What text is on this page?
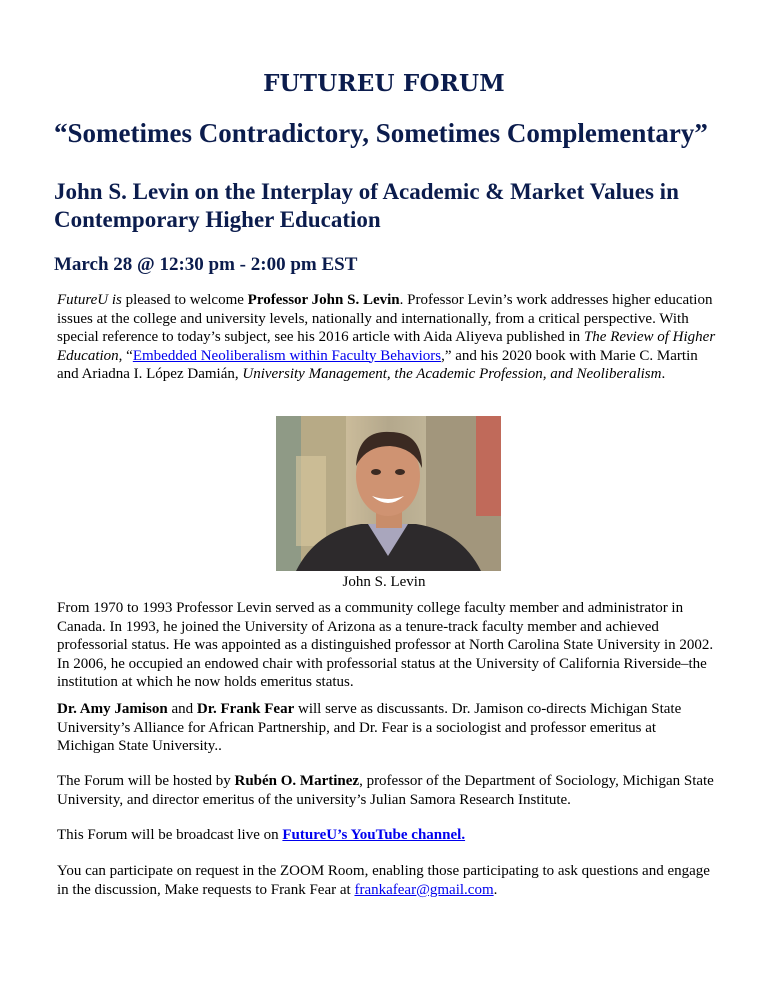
FUTUREU FORUM
“Sometimes Contradictory, Sometimes Complementary”
John S. Levin on the Interplay of Academic & Market Values in Contemporary Higher Education
March 28 @ 12:30 pm - 2:00 pm EST
FutureU is pleased to welcome Professor John S. Levin. Professor Levin’s work addresses higher education issues at the college and university levels, nationally and internationally, from a critical perspective. With special reference to today’s subject, see his 2016 article with Aida Aliyeva published in The Review of Higher Education, “Embedded Neoliberalism within Faculty Behaviors,” and his 2020 book with Marie C. Martin and Ariadna I. López Damián, University Management, the Academic Profession, and Neoliberalism.
John S. Levin
From 1970 to 1993 Professor Levin served as a community college faculty member and administrator in Canada. In 1993, he joined the University of Arizona as a tenure-track faculty member and achieved professorial status. He was appointed as a distinguished professor at North Carolina State University in 2002. In 2006, he occupied an endowed chair with professorial status at the University of California Riverside–the institution at which he now holds emeritus status.
Dr. Amy Jamison and Dr. Frank Fear will serve as discussants. Dr. Jamison co-directs Michigan State University’s Alliance for African Partnership, and Dr. Fear is a sociologist and professor emeritus at Michigan State University..
The Forum will be hosted by Rubén O. Martinez, professor of the Department of Sociology, Michigan State University, and director emeritus of the university’s Julian Samora Research Institute.
This Forum will be broadcast live on FutureU’s YouTube channel.
You can participate on request in the ZOOM Room, enabling those participating to ask questions and engage in the discussion, Make requests to Frank Fear at frankafear@gmail.com.
